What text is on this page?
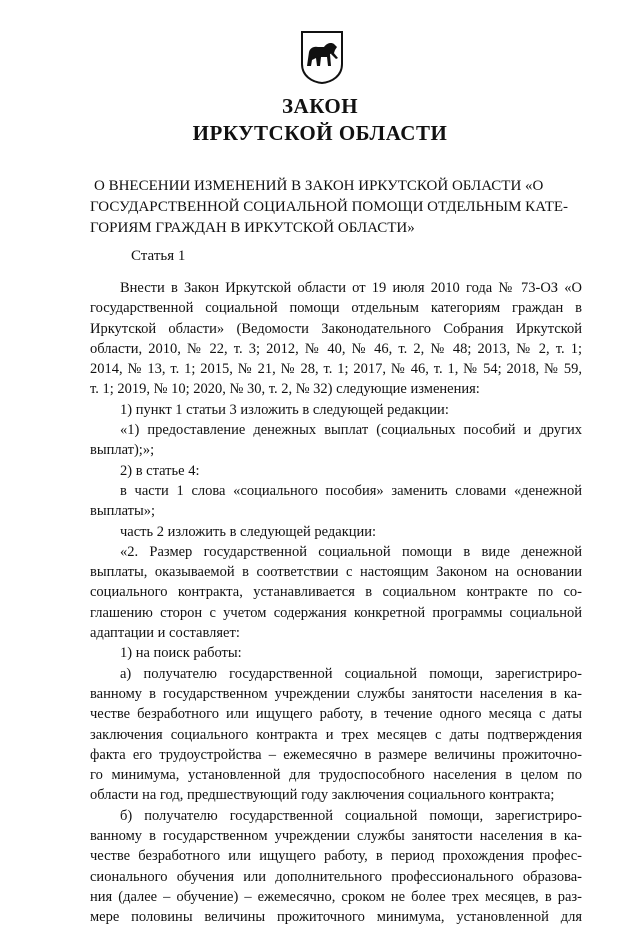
ЗАКОН
ИРКУТСКОЙ ОБЛАСТИ
О ВНЕСЕНИИ ИЗМЕНЕНИЙ В ЗАКОН ИРКУТСКОЙ ОБЛАСТИ «О
ГОСУДАРСТВЕННОЙ СОЦИАЛЬНОЙ ПОМОЩИ ОТДЕЛЬНЫМ КАТЕ-
ГОРИЯМ ГРАЖДАН В ИРКУТСКОЙ ОБЛАСТИ»
Статья 1
Внести в Закон Иркутской области от 19 июля 2010 года № 73-ОЗ «О
государственной социальной помощи отдельным категориям граждан в
Иркутской области» (Ведомости Законодательного Собрания Иркутской
области, 2010, № 22, т. 3; 2012, № 40, № 46, т. 2, № 48; 2013, № 2, т. 1;
2014, № 13, т. 1; 2015, № 21, № 28, т. 1; 2017, № 46, т. 1, № 54; 2018, № 59,
т. 1; 2019, № 10; 2020, № 30, т. 2, № 32) следующие изменения:
1) пункт 1 статьи 3 изложить в следующей редакции:
«1) предоставление денежных выплат (социальных пособий и других
выплат);»;
2) в статье 4:
в части 1 слова «социального пособия» заменить словами «денежной
выплаты»;
часть 2 изложить в следующей редакции:
«2. Размер государственной социальной помощи в виде денежной
выплаты, оказываемой в соответствии с настоящим Законом на основании
социального контракта, устанавливается в социальном контракте по со-
глашению сторон с учетом содержания конкретной программы социальной
адаптации и составляет:
1) на поиск работы:
а) получателю государственной социальной помощи, зарегистриро-
ванному в государственном учреждении службы занятости населения в ка-
честве безработного или ищущего работу, в течение одного месяца с даты
заключения социального контракта и трех месяцев с даты подтверждения
факта его трудоустройства – ежемесячно в размере величины прожиточно-
го минимума, установленной для трудоспособного населения в целом по
области на год, предшествующий году заключения социального контракта;
б) получателю государственной социальной помощи, зарегистриро-
ванному в государственном учреждении службы занятости населения в ка-
честве безработного или ищущего работу, в период прохождения профес-
сионального обучения или дополнительного профессионального образова-
ния (далее – обучение) – ежемесячно, сроком не более трех месяцев, в раз-
мере половины величины прожиточного минимума, установленной для
